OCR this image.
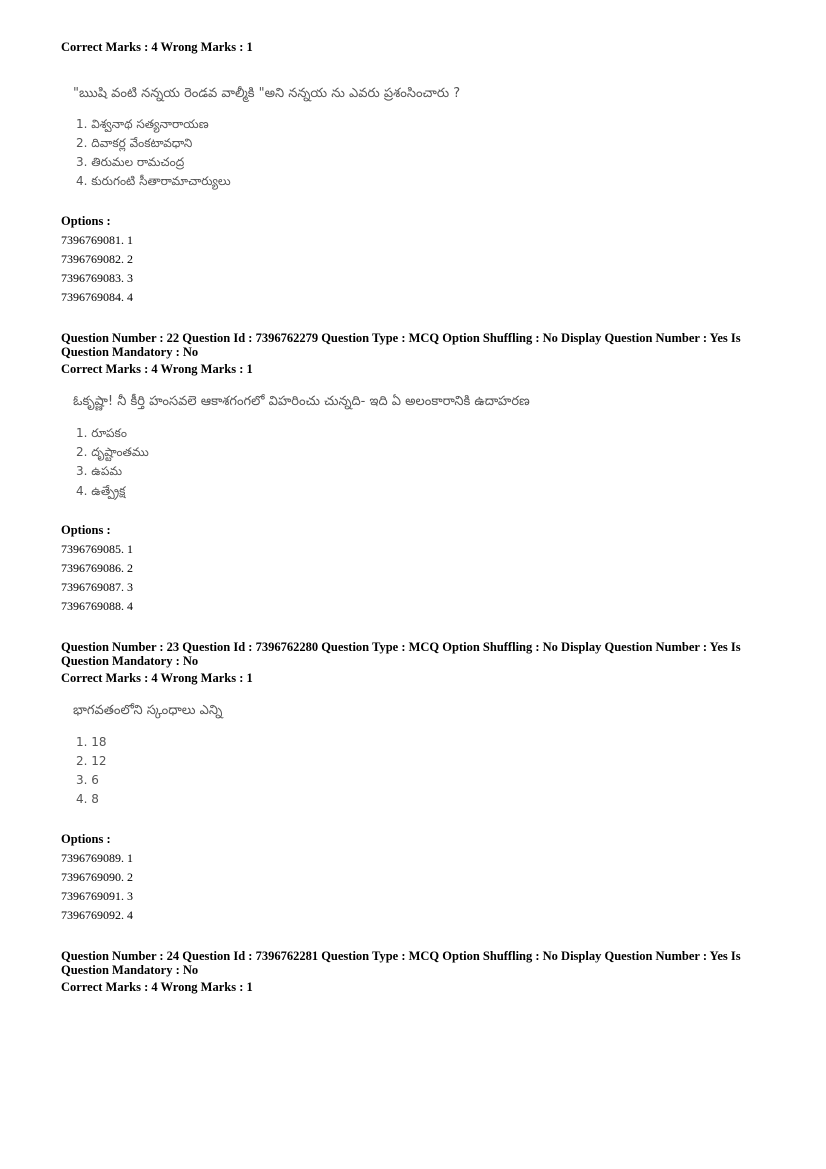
Correct Marks : 4 Wrong Marks : 1
"ఋషి వంటి నన్నయ రెండవ వాల్మీకి "అని నన్నయ ను ఎవరు ప్రశంసించారు ?
1. విశ్వనాథ సత్యనారాయణ
2. దివాకర్ల వేంకటావధాని
3. తిరుమల రామచంద్ర
4. కురుగంటి సీతారామాచార్యులు
Options :
7396769081. 1
7396769082. 2
7396769083. 3
7396769084. 4
Question Number : 22 Question Id : 7396762279 Question Type : MCQ Option Shuffling : No Display Question Number : Yes Is
Question Mandatory : No
Correct Marks : 4 Wrong Marks : 1
ఓకృష్ణా! నీ కీర్తి హంసవలె ఆకాశగంగలో విహరించు చున్నది- ఇది ఏ అలంకారానికి ఉదాహరణ
1. రూపకం
2. దృష్టాంతము
3. ఉపమ
4. ఉత్ప్రేక్ష
Options :
7396769085. 1
7396769086. 2
7396769087. 3
7396769088. 4
Question Number : 23 Question Id : 7396762280 Question Type : MCQ Option Shuffling : No Display Question Number : Yes Is
Question Mandatory : No
Correct Marks : 4 Wrong Marks : 1
భాగవతంలోని స్కంధాలు ఎన్ని
1. 18
2. 12
3. 6
4. 8
Options :
7396769089. 1
7396769090. 2
7396769091. 3
7396769092. 4
Question Number : 24 Question Id : 7396762281 Question Type : MCQ Option Shuffling : No Display Question Number : Yes Is
Question Mandatory : No
Correct Marks : 4 Wrong Marks : 1
